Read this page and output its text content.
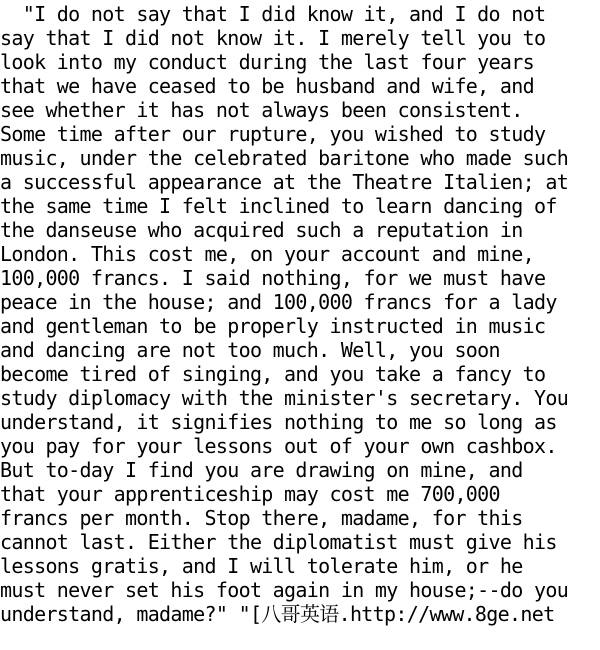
"I do not say that I did know it, and I do not
say that I did not know it. I merely tell you to
look into my conduct during the last four years
that we have ceased to be husband and wife, and
see whether it has not always been consistent.
Some time after our rupture, you wished to study
music, under the celebrated baritone who made such
a successful appearance at the Theatre Italien; at
the same time I felt inclined to learn dancing of
the danseuse who acquired such a reputation in
London. This cost me, on your account and mine,
100,000 francs. I said nothing, for we must have
peace in the house; and 100,000 francs for a lady
and gentleman to be properly instructed in music
and dancing are not too much. Well, you soon
become tired of singing, and you take a fancy to
study diplomacy with the minister's secretary. You
understand, it signifies nothing to me so long as
you pay for your lessons out of your own cashbox.
But to-day I find you are drawing on mine, and
that your apprenticeship may cost me 700,000
francs per month. Stop there, madame, for this
cannot last. Either the diplomatist must give his
lessons gratis, and I will tolerate him, or he
must never set his foot again in my house;--do you
understand, madame?" "[八哥英语.http://www.8ge.net
